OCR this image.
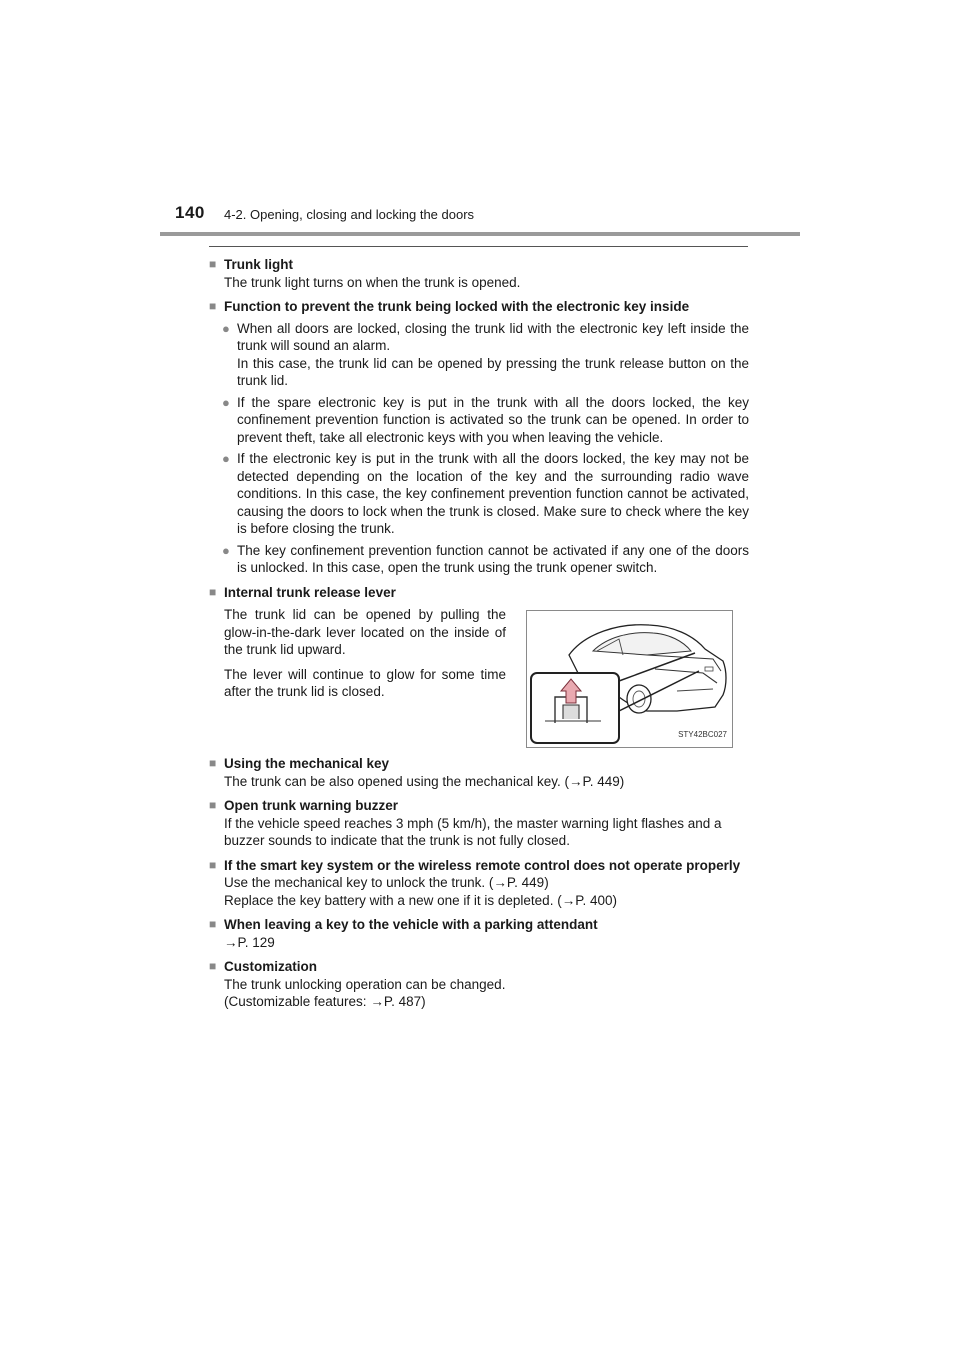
140 4-2. Opening, closing and locking the doors
■ Trunk light
The trunk light turns on when the trunk is opened.
■ Function to prevent the trunk being locked with the electronic key inside
● When all doors are locked, closing the trunk lid with the electronic key left inside the trunk will sound an alarm.
In this case, the trunk lid can be opened by pressing the trunk release button on the trunk lid.
● If the spare electronic key is put in the trunk with all the doors locked, the key confinement prevention function is activated so the trunk can be opened. In order to prevent theft, take all electronic keys with you when leaving the vehicle.
● If the electronic key is put in the trunk with all the doors locked, the key may not be detected depending on the location of the key and the surrounding radio wave conditions. In this case, the key confinement prevention function cannot be activated, causing the doors to lock when the trunk is closed. Make sure to check where the key is before closing the trunk.
● The key confinement prevention function cannot be activated if any one of the doors is unlocked. In this case, open the trunk using the trunk opener switch.
■ Internal trunk release lever
The trunk lid can be opened by pulling the glow-in-the-dark lever located on the inside of the trunk lid upward.
The lever will continue to glow for some time after the trunk lid is closed.
STY42BC027
■ Using the mechanical key
The trunk can be also opened using the mechanical key. (→P. 449)
■ Open trunk warning buzzer
If the vehicle speed reaches 3 mph (5 km/h), the master warning light flashes and a buzzer sounds to indicate that the trunk is not fully closed.
■ If the smart key system or the wireless remote control does not operate properly
Use the mechanical key to unlock the trunk. (→P. 449)
Replace the key battery with a new one if it is depleted. (→P. 400)
■ When leaving a key to the vehicle with a parking attendant
→P. 129
■ Customization
The trunk unlocking operation can be changed.
(Customizable features: →P. 487)
